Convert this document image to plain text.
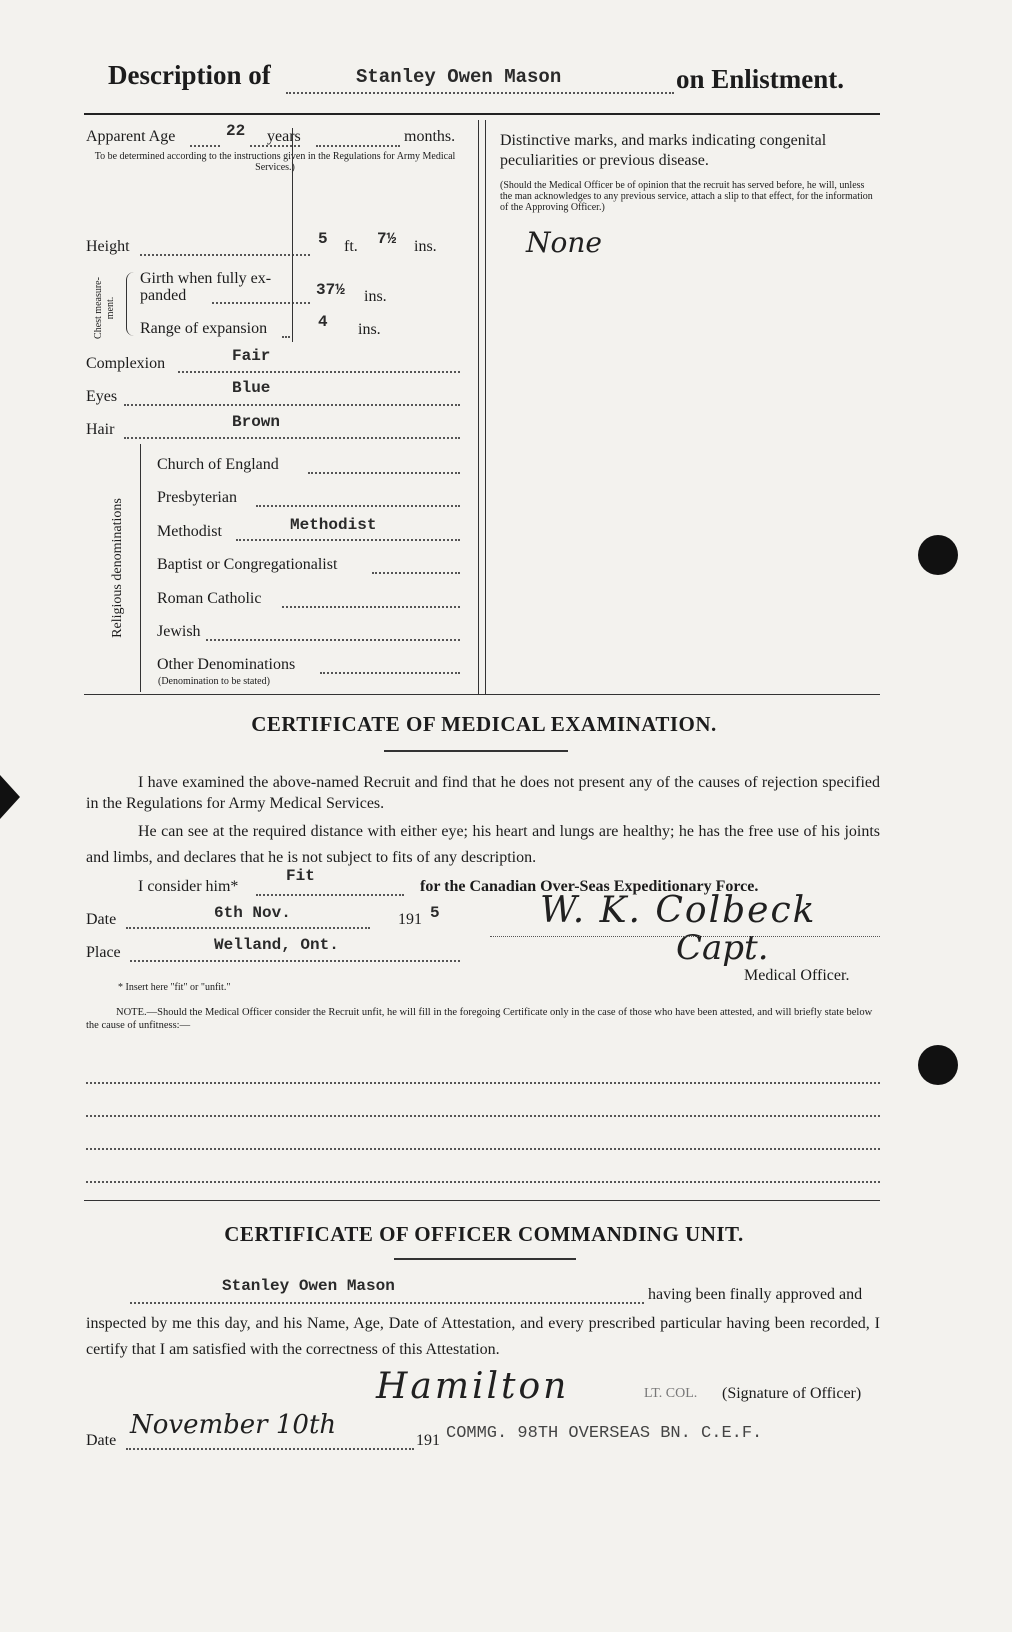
Description of	Stanley Owen Mason	on Enlistment.
Apparent Age	22 years	months.
To be determined according to the instructions given in the Regulations for Army Medical Services.)
Height	5 ft. 7½ ins.
Chest measure- ment.
Girth when fully ex-
panded	37½ ins.
Range of expansion	4 ins.
Complexion	Fair
Eyes	Blue
Hair	Brown
Religious denominations
Church of England
Presbyterian
Methodist	Methodist
Baptist or Congregationalist
Roman Catholic
Jewish
Other Denominations
(Denomination to be stated)
Distinctive marks, and marks indicating congenital peculiarities or previous disease.
(Should the Medical Officer be of opinion that the recruit has served before, he will, unless the man acknowledges to any previous service, attach a slip to that effect, for the information of the Approving Officer.)
None
CERTIFICATE OF MEDICAL EXAMINATION.
I have examined the above-named Recruit and find that he does not present any of the causes of rejection specified in the Regulations for Army Medical Services.
He can see at the required distance with either eye; his heart and lungs are healthy; he has the free use of his joints and limbs, and declares that he is not subject to fits of any description.
I consider him*
Fit
for the Canadian Over-Seas Expeditionary Force.
Date	6th Nov.	191 5
Place	Welland, Ont.
W. K. Colbeck
Capt.
Medical Officer.
* Insert here "fit" or "unfit."
NOTE.—Should the Medical Officer consider the Recruit unfit, he will fill in the foregoing Certificate only in the case of those who have been attested, and will briefly state below the cause of unfitness:—
CERTIFICATE OF OFFICER COMMANDING UNIT.
Stanley Owen Mason	having been finally approved and
inspected by me this day, and his Name, Age, Date of Attestation, and every prescribed particular having been recorded, I certify that I am satisfied with the correctness of this Attestation.
Hamilton	LT. COL. (Signature of Officer)
Date
November 10th
191 COMMG. 98TH OVERSEAS BN. C.E.F.
